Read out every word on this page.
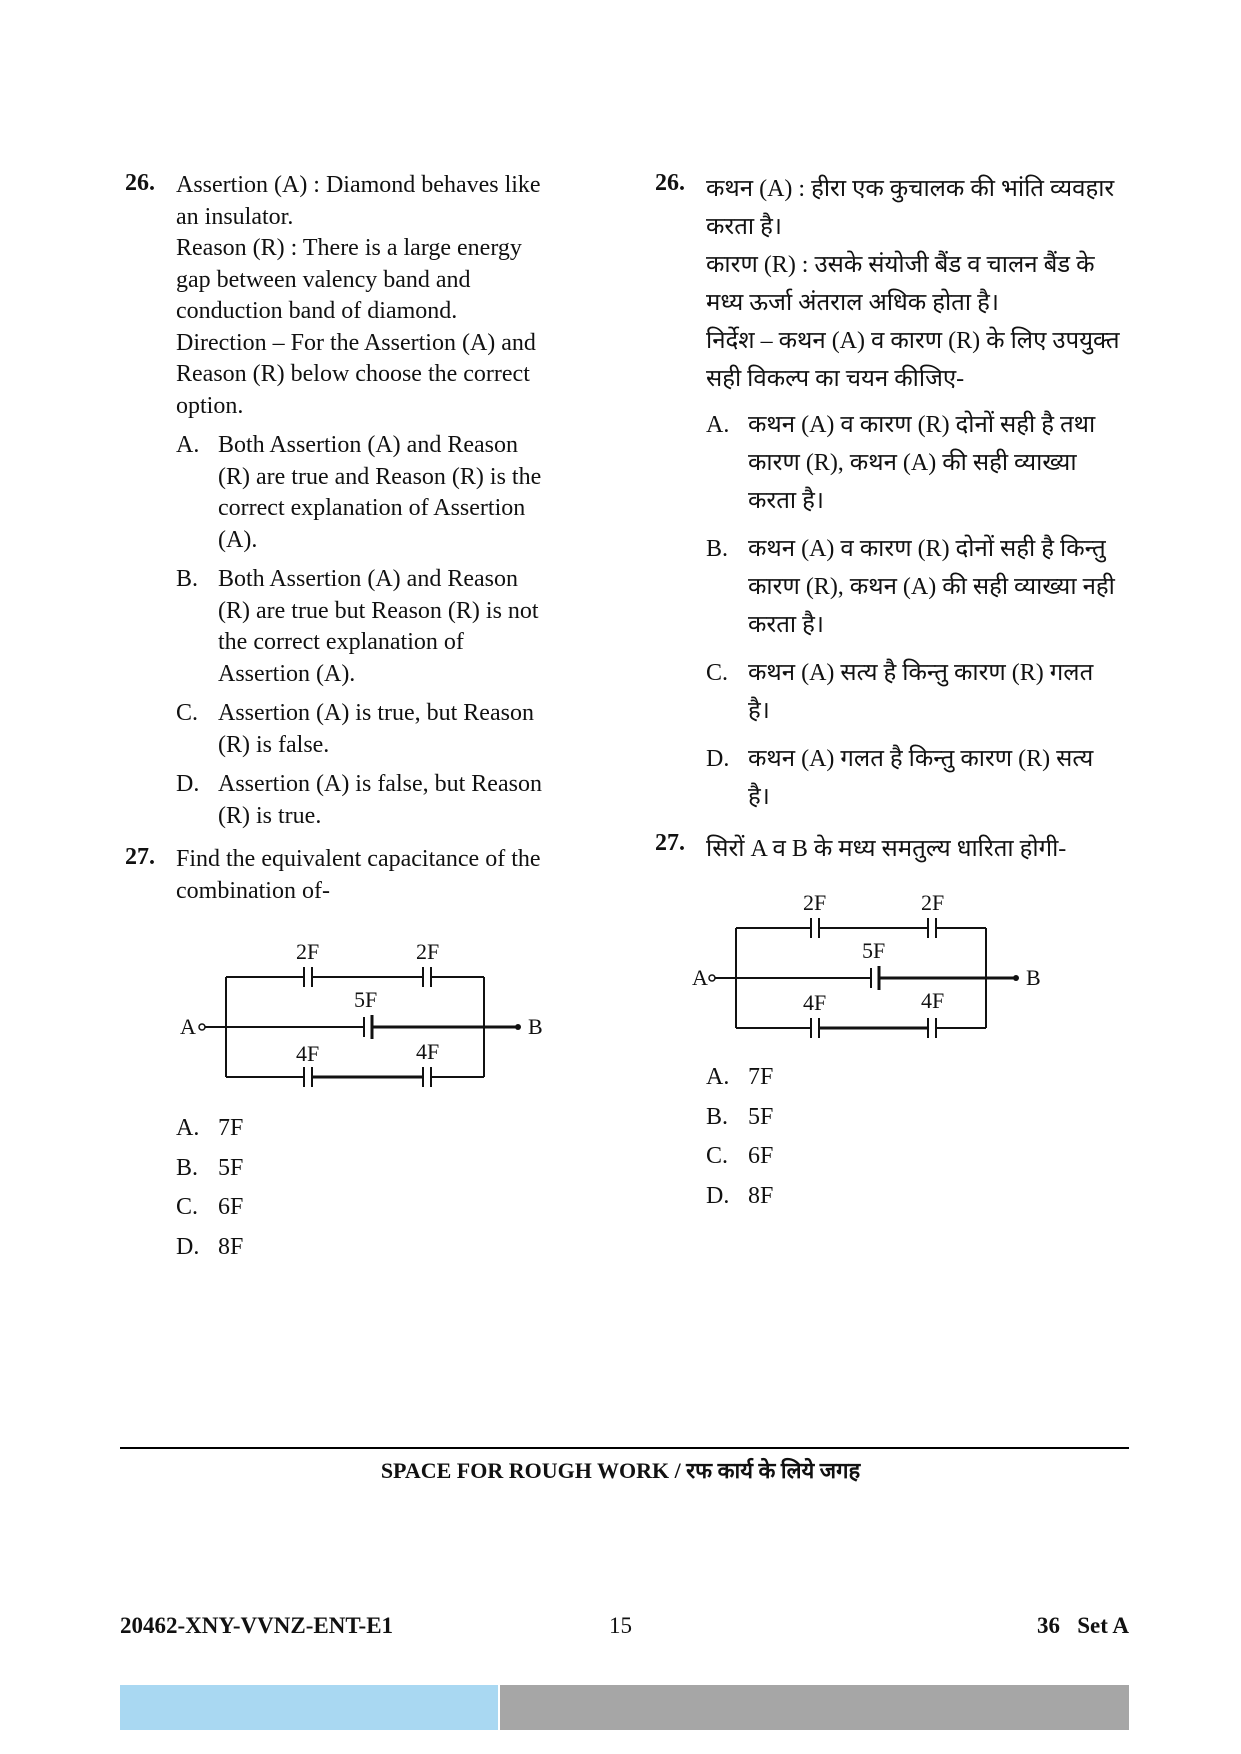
26. Assertion (A) : Diamond behaves like
an insulator.
Reason (R) : There is a large energy
gap between valency band and
conduction band of diamond.
Direction – For the Assertion (A) and
Reason (R) below choose the correct
option.
A. Both Assertion (A) and Reason
(R) are true and Reason (R) is the
correct explanation of Assertion
(A).
B. Both Assertion (A) and Reason
(R) are true but Reason (R) is not
the correct explanation of
Assertion (A).
C. Assertion (A) is true, but Reason
(R) is false.
D. Assertion (A) is false, but Reason
(R) is true.
27. Find the equivalent capacitance of the
combination of-
2F	2F
5F
4F	4F
A	B
A. 7F
B. 5F
C. 6F
D. 8F
26. कथन (A) : हीरा एक कुचालक की भांति व्यवहार
करता है।
कारण (R) : उसके संयोजी बैंड व चालन बैंड के
मध्य ऊर्जा अंतराल अधिक होता है।
निर्देश – कथन (A) व कारण (R) के लिए उपयुक्त
सही विकल्प का चयन कीजिए-
A. कथन (A) व कारण (R) दोनों सही है तथा
कारण (R), कथन (A) की सही व्याख्या
करता है।
B. कथन (A) व कारण (R) दोनों सही है किन्तु
कारण (R), कथन (A) की सही व्याख्या नही
करता है।
C. कथन (A) सत्य है किन्तु कारण (R) गलत
है।
D. कथन (A) गलत है किन्तु कारण (R) सत्य
है।
27. सिरों A व B के मध्य समतुल्य धारिता होगी-
2F	2F
5F
4F	4F
A	B
A. 7F
B. 5F
C. 6F
D. 8F
SPACE FOR ROUGH WORK / रफ कार्य के लिये जगह
20462-XNY-VVNZ-ENT-E1	15	36   Set A
